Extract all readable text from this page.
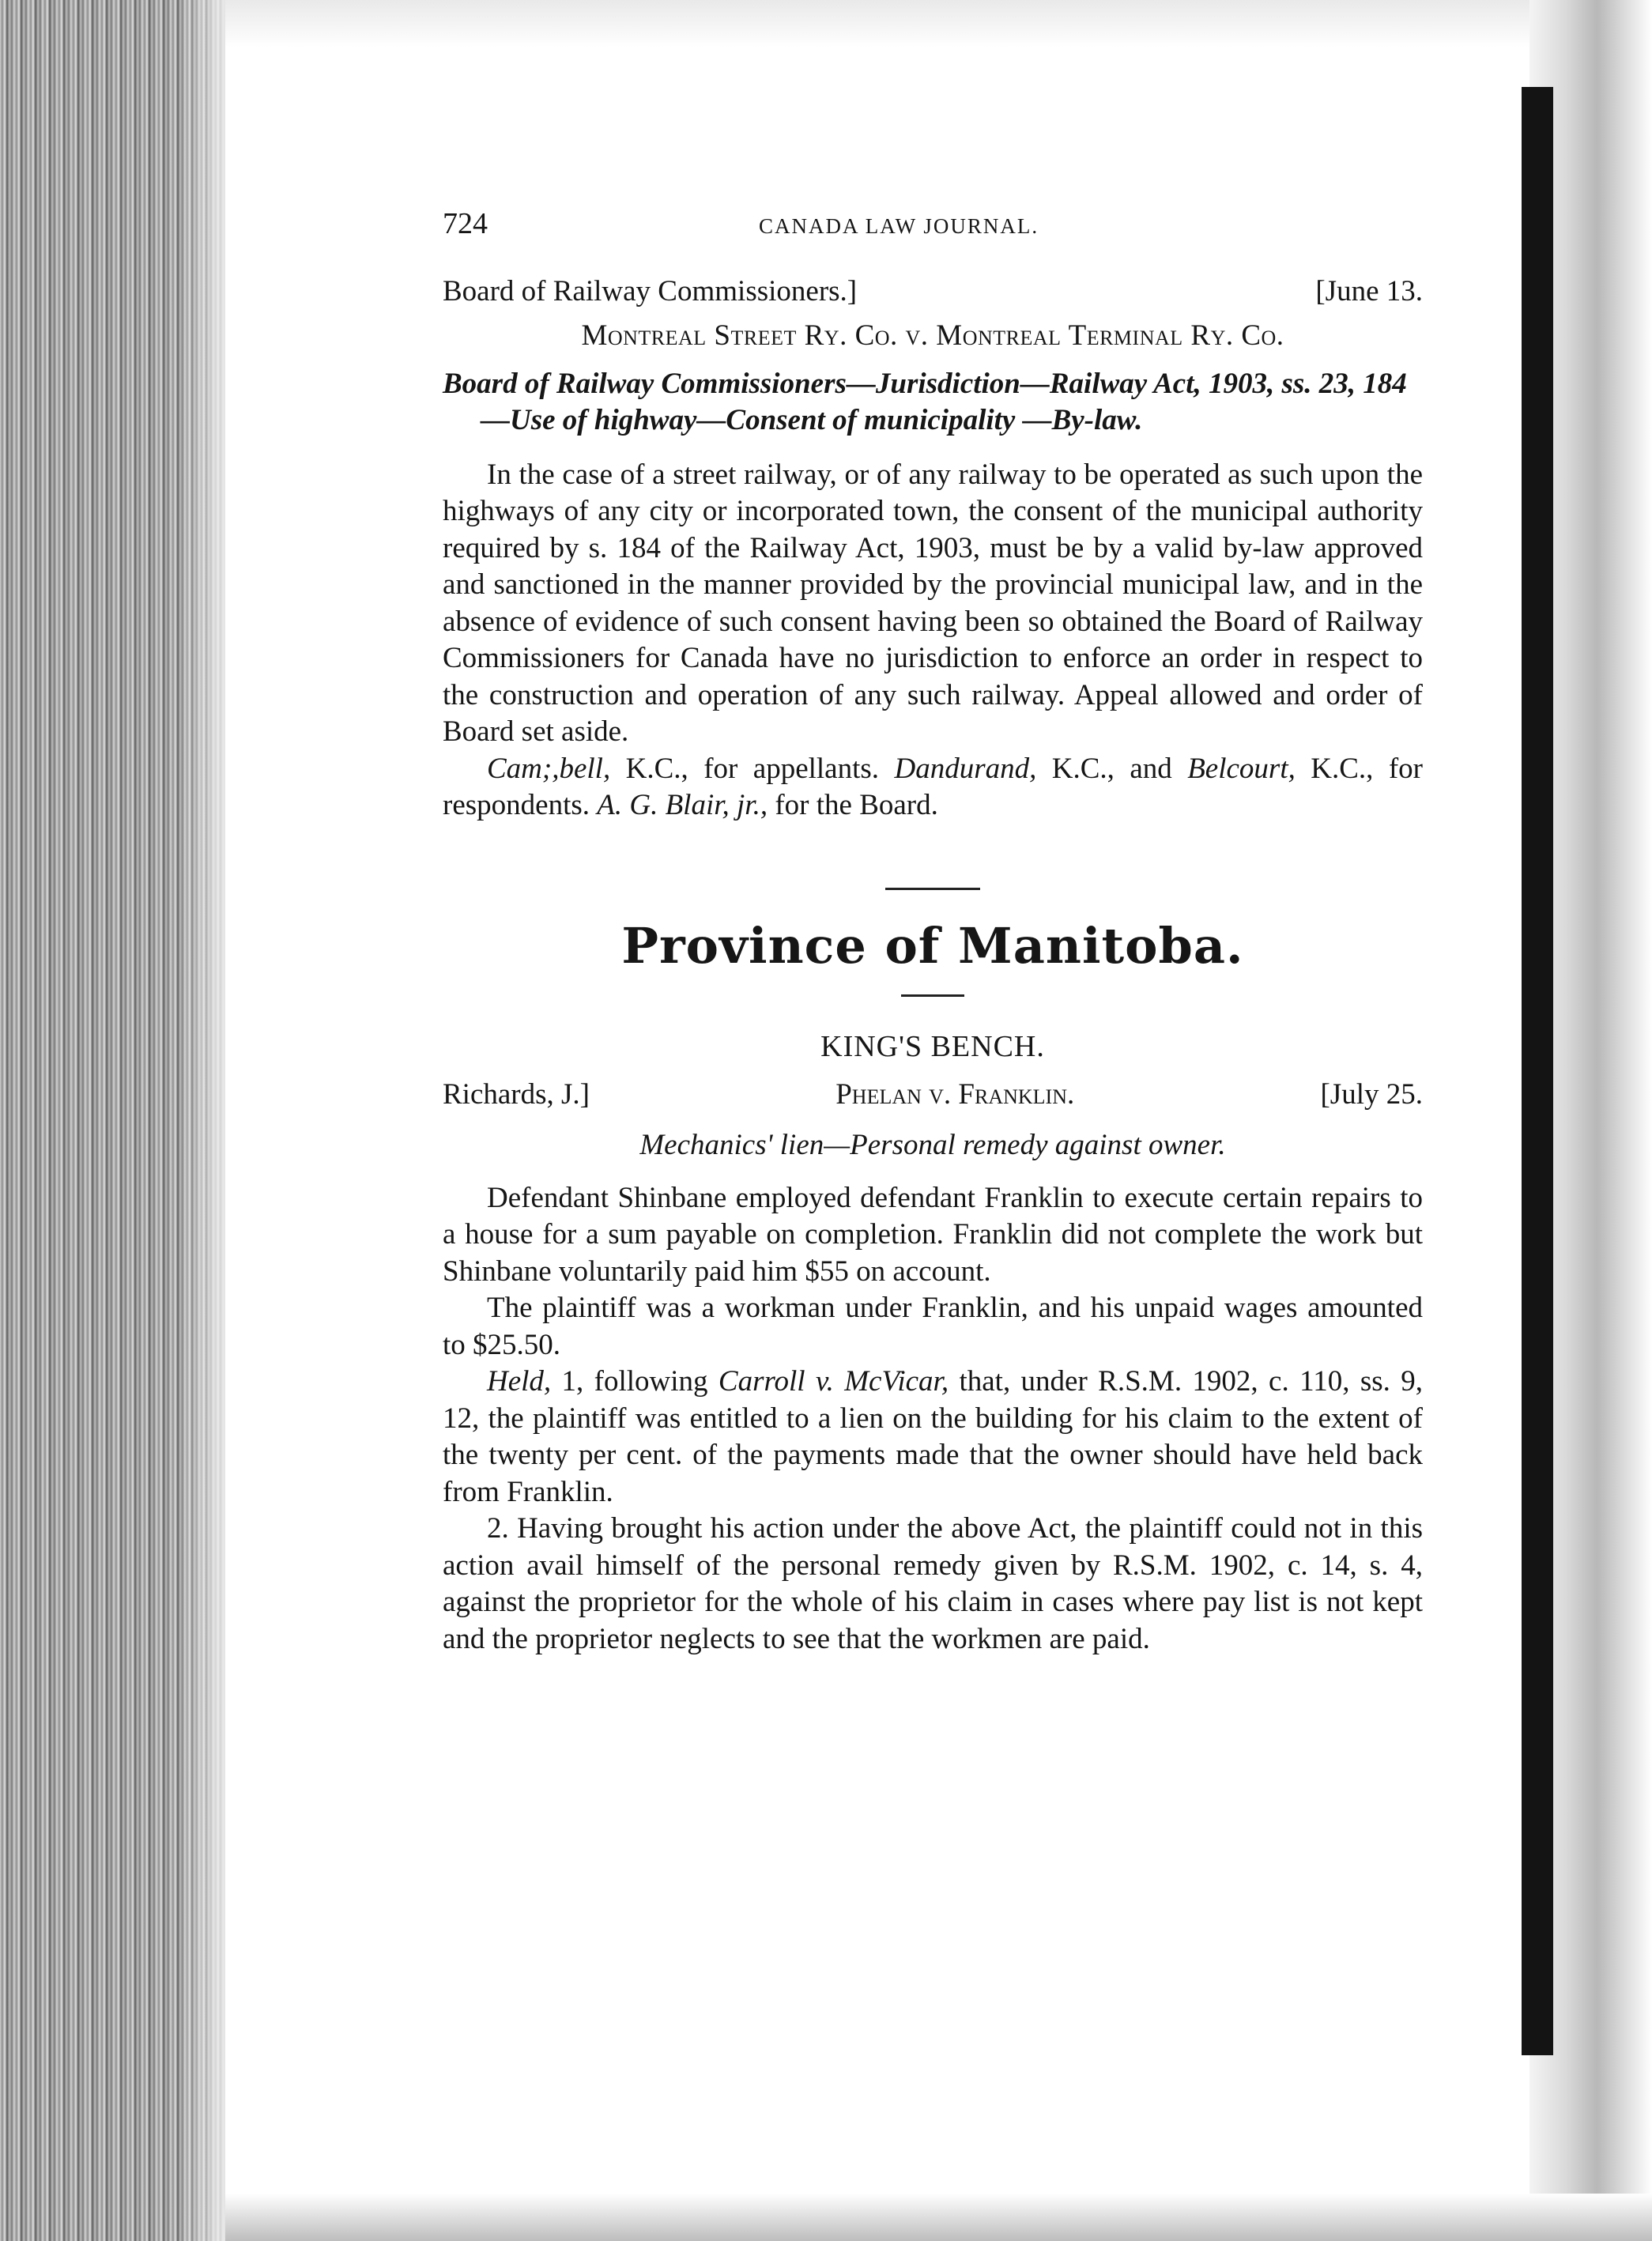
724	CANADA LAW JOURNAL.
Board of Railway Commissioners.]	[June 13.
Montreal Street Ry. Co. v. Montreal Terminal Ry. Co.
Board of Railway Commissioners—Jurisdiction—Railway Act, 1903, ss. 23, 184—Use of highway—Consent of municipality —By-law.

In the case of a street railway, or of any railway to be operated as such upon the highways of any city or incorporated town, the consent of the municipal authority required by s. 184 of the Railway Act, 1903, must be by a valid by-law approved and sanctioned in the manner provided by the provincial municipal law, and in the absence of evidence of such consent having been so obtained the Board of Railway Commissioners for Canada have no jurisdiction to enforce an order in respect to the construction and operation of any such railway. Appeal allowed and order of Board set aside.

Cam;,bell, K.C., for appellants. Dandurand, K.C., and Belcourt, K.C., for respondents. A. G. Blair, jr., for the Board.

Province of Manitoba.
KING'S BENCH.
Richards, J.]	Phelan v. Franklin.	[July 25.
Mechanics' lien—Personal remedy against owner.

Defendant Shinbane employed defendant Franklin to execute certain repairs to a house for a sum payable on completion. Franklin did not complete the work but Shinbane voluntarily paid him $55 on account.

The plaintiff was a workman under Franklin, and his unpaid wages amounted to $25.50.

Held, 1, following Carroll v. McVicar, that, under R.S.M. 1902, c. 110, ss. 9, 12, the plaintiff was entitled to a lien on the building for his claim to the extent of the twenty per cent. of the payments made that the owner should have held back from Franklin.

2. Having brought his action under the above Act, the plaintiff could not in this action avail himself of the personal remedy given by R.S.M. 1902, c. 14, s. 4, against the proprietor for the whole of his claim in cases where pay list is not kept and the proprietor neglects to see that the workmen are paid.
